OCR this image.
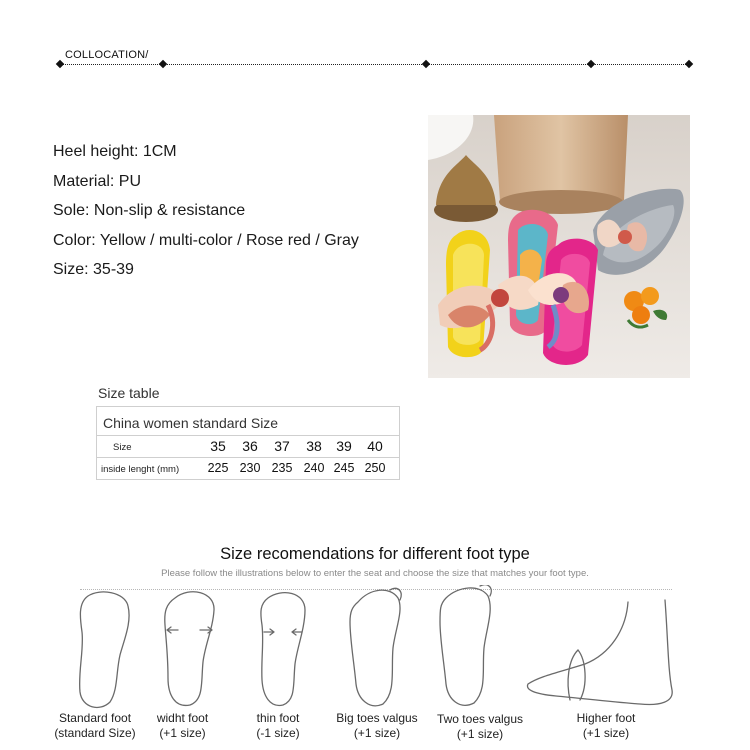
COLLOCATION/
Heel height: 1CM
Material: PU
Sole: Non-slip & resistance
Color: Yellow / multi-color / Rose red / Gray
Size: 35-39
Size table
China women standard Size
Size	35	36	37	38	39	40
inside lenght (mm) 225 230 235 240 245 250
Size recomendations for different foot type
Please follow the illustrations below to enter the seat and choose the size that matches your foot type.
Standard foot
(standard Size)
widht foot
(+1 size)
thin foot
(-1 size)
Big toes valgus
(+1 size)
Two toes valgus
(+1 size)
Higher foot
(+1 size)
